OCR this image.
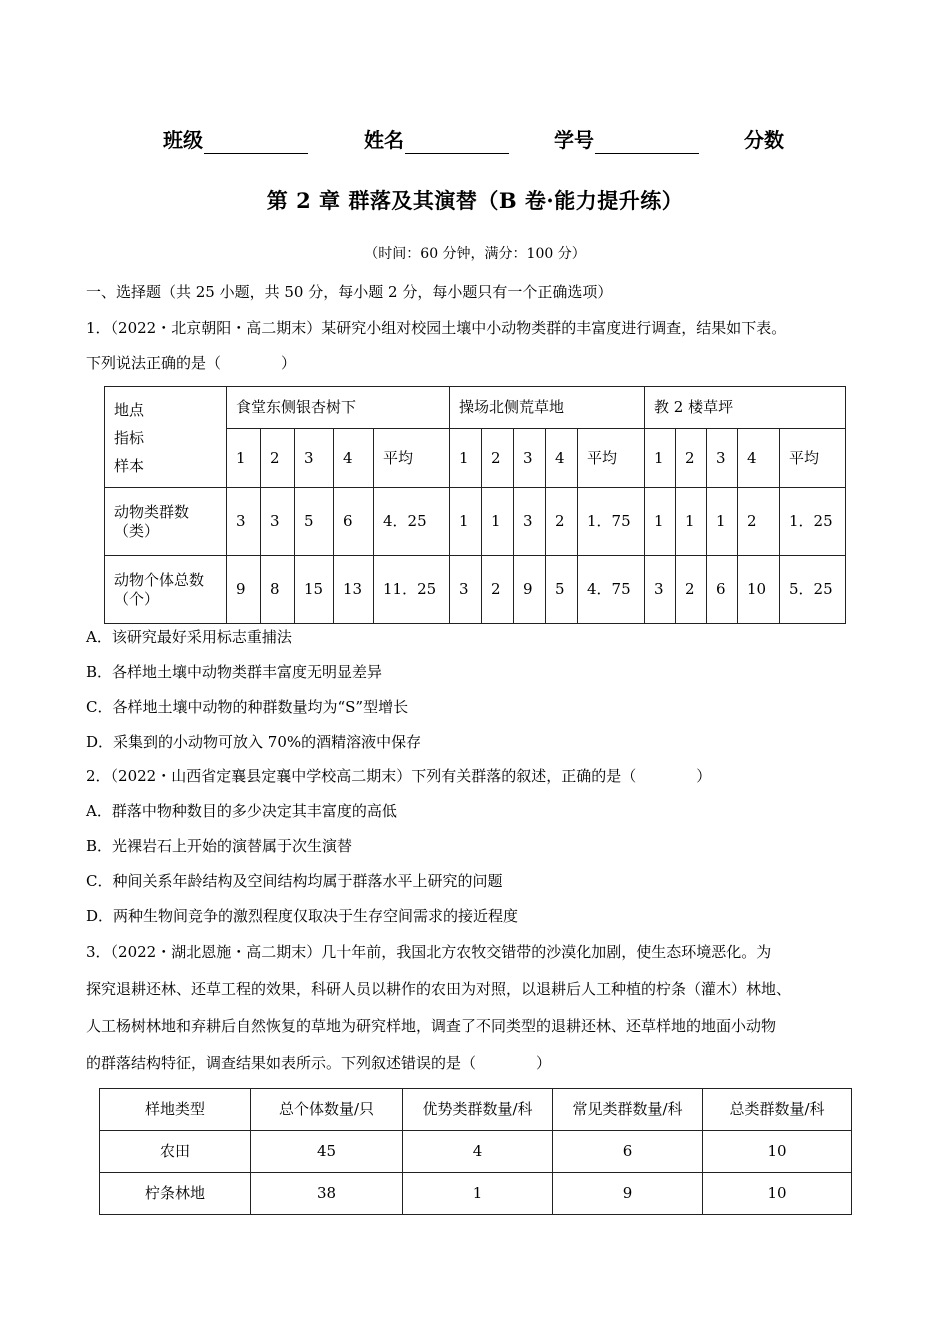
班级	姓名	学号	分数
第 2 章 群落及其演替（B 卷·能力提升练）
（时间：60 分钟，满分：100 分）
一、选择题（共 25 小题，共 50 分，每小题 2 分，每小题只有一个正确选项）
1．（2022・北京朝阳・高二期末）某研究小组对校园土壤中小动物类群的丰富度进行调查，结果如下表。
下列说法正确的是（　　　　）
地点
指标
样本	食堂东侧银杏树下					操场北侧荒草地					教 2 楼草坪				
	1	2	3	4	平均	1	2	3	4	平均	1	2	3	4	平均

动物类群数
（类）	3	3	5	6	4．25	1	1	3	2	1．75	1	1	1	2	1．25

动物个体总数
（个）	9	8	15	13	11．25	3	2	9	5	4．75	3	2	6	10	5．25
A．该研究最好采用标志重捕法
B．各样地土壤中动物类群丰富度无明显差异
C．各样地土壤中动物的种群数量均为“S”型增长
D．采集到的小动物可放入 70%的酒精溶液中保存
2．（2022・山西省定襄县定襄中学校高二期末）下列有关群落的叙述，正确的是（　　　　）
A．群落中物种数目的多少决定其丰富度的高低
B．光裸岩石上开始的演替属于次生演替
C．种间关系年龄结构及空间结构均属于群落水平上研究的问题
D．两种生物间竞争的激烈程度仅取决于生存空间需求的接近程度
3．（2022・湖北恩施・高二期末）几十年前，我国北方农牧交错带的沙漠化加剧，使生态环境恶化。为
探究退耕还林、还草工程的效果，科研人员以耕作的农田为对照，以退耕后人工种植的柠条（灌木）林地、
人工杨树林地和弃耕后自然恢复的草地为研究样地，调查了不同类型的退耕还林、还草样地的地面小动物
的群落结构特征，调查结果如表所示。下列叙述错误的是（　　　　）
样地类型	总个体数量/只	优势类群数量/科	常见类群数量/科	总类群数量/科
农田	45	4	6	10
柠条林地	38	1	9	10
